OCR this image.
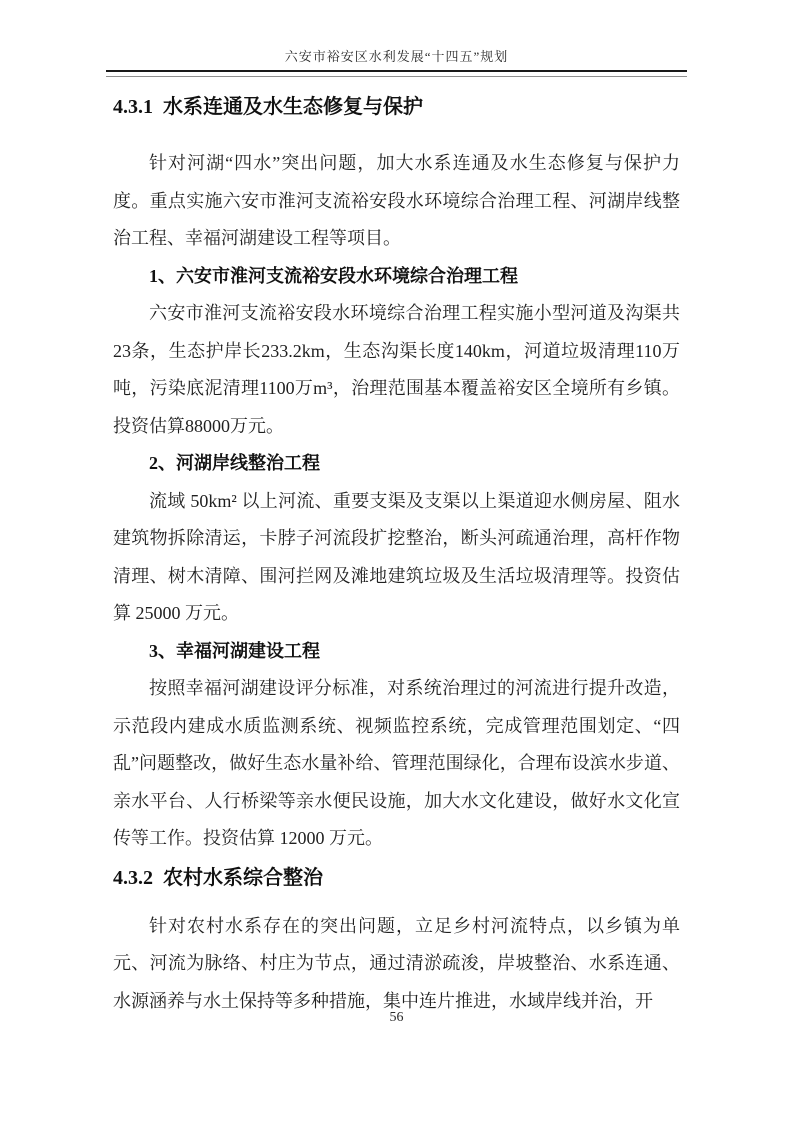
六安市裕安区水利发展“十四五”规划
4.3.1 水系连通及水生态修复与保护

针对河湖“四水”突出问题，加大水系连通及水生态修复与保护力度。重点实施六安市淮河支流裕安段水环境综合治理工程、河湖岸线整治工程、幸福河湖建设工程等项目。

1、六安市淮河支流裕安段水环境综合治理工程

六安市淮河支流裕安段水环境综合治理工程实施小型河道及沟渠共23条，生态护岸长233.2km，生态沟渠长度140km，河道垃圾清理110万吨，污染底泥清理1100万m³，治理范围基本覆盖裕安区全境所有乡镇。投资估算88000万元。

2、河湖岸线整治工程

流域 50km² 以上河流、重要支渠及支渠以上渠道迎水侧房屋、阻水建筑物拆除清运，卡脖子河流段扩挖整治，断头河疏通治理，高杆作物清理、树木清障、围河拦网及滩地建筑垃圾及生活垃圾清理等。投资估算 25000 万元。

3、幸福河湖建设工程

按照幸福河湖建设评分标准，对系统治理过的河流进行提升改造，示范段内建成水质监测系统、视频监控系统，完成管理范围划定、“四乱”问题整改，做好生态水量补给、管理范围绿化，合理布设滨水步道、亲水平台、人行桥梁等亲水便民设施，加大水文化建设，做好水文化宣传等工作。投资估算 12000 万元。

4.3.2 农村水系综合整治

针对农村水系存在的突出问题，立足乡村河流特点，以乡镇为单元、河流为脉络、村庄为节点，通过清淤疏浚，岸坡整治、水系连通、水源涵养与水土保持等多种措施，集中连片推进，水域岸线并治，开

56
